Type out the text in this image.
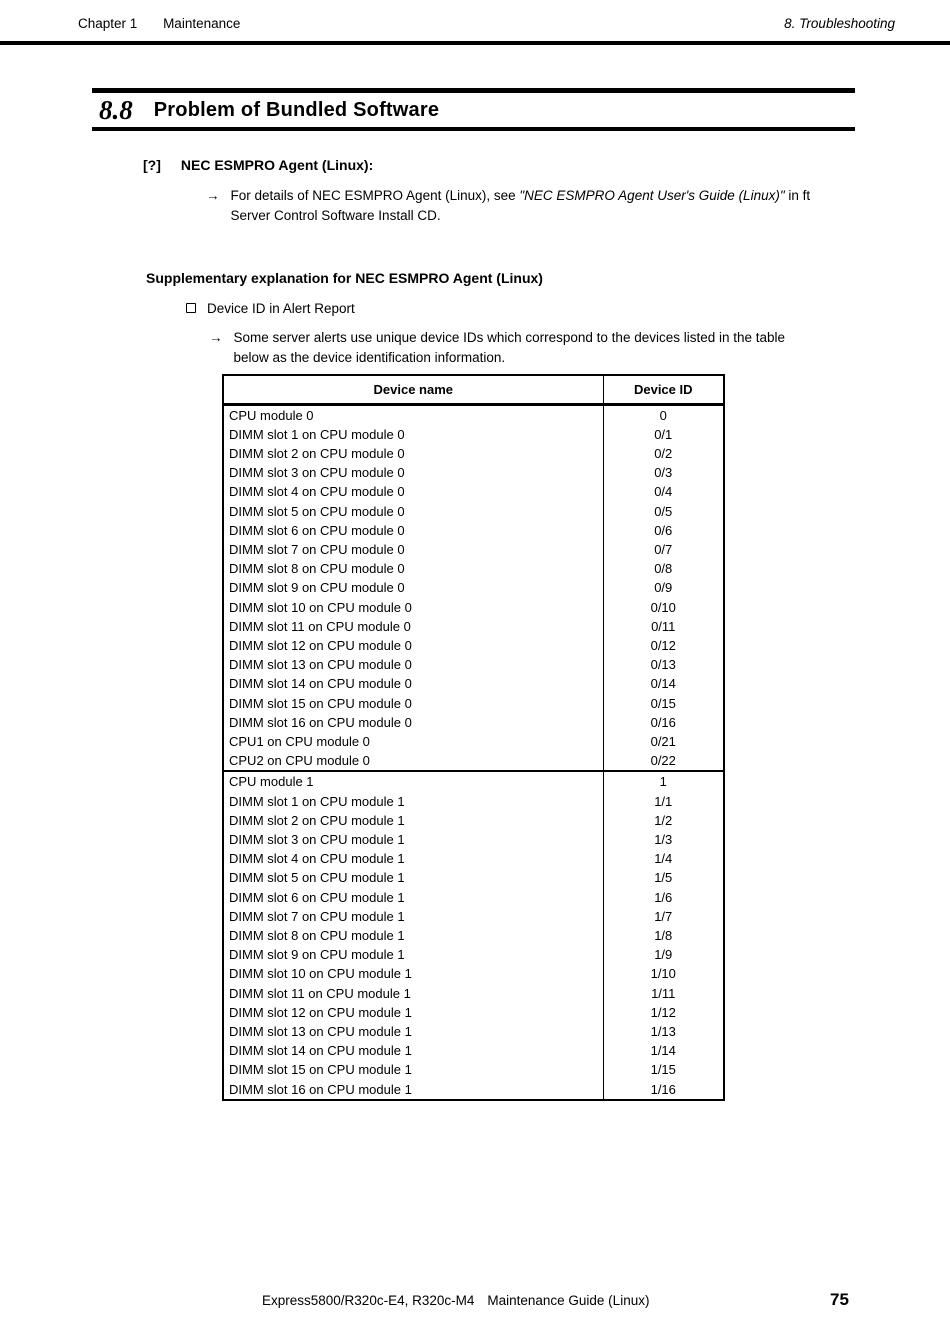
Chapter 1 Maintenance	8. Troubleshooting
8.8 Problem of Bundled Software
[?] NEC ESMPRO Agent (Linux):
→ For details of NEC ESMPRO Agent (Linux), see "NEC ESMPRO Agent User's Guide (Linux)" in ft
Server Control Software Install CD.
Supplementary explanation for NEC ESMPRO Agent (Linux)
Device ID in Alert Report
→ Some server alerts use unique device IDs which correspond to the devices listed in the table
below as the device identification information.
Device name	Device ID
CPU module 0	0
DIMM slot 1 on CPU module 0	0/1
DIMM slot 2 on CPU module 0	0/2
DIMM slot 3 on CPU module 0	0/3
DIMM slot 4 on CPU module 0	0/4
DIMM slot 5 on CPU module 0	0/5
DIMM slot 6 on CPU module 0	0/6
DIMM slot 7 on CPU module 0	0/7
DIMM slot 8 on CPU module 0	0/8
DIMM slot 9 on CPU module 0	0/9
DIMM slot 10 on CPU module 0	0/10
DIMM slot 11 on CPU module 0	0/11
DIMM slot 12 on CPU module 0	0/12
DIMM slot 13 on CPU module 0	0/13
DIMM slot 14 on CPU module 0	0/14
DIMM slot 15 on CPU module 0	0/15
DIMM slot 16 on CPU module 0	0/16
CPU1 on CPU module 0	0/21
CPU2 on CPU module 0	0/22
CPU module 1	1
DIMM slot 1 on CPU module 1	1/1
DIMM slot 2 on CPU module 1	1/2
DIMM slot 3 on CPU module 1	1/3
DIMM slot 4 on CPU module 1	1/4
DIMM slot 5 on CPU module 1	1/5
DIMM slot 6 on CPU module 1	1/6
DIMM slot 7 on CPU module 1	1/7
DIMM slot 8 on CPU module 1	1/8
DIMM slot 9 on CPU module 1	1/9
DIMM slot 10 on CPU module 1	1/10
DIMM slot 11 on CPU module 1	1/11
DIMM slot 12 on CPU module 1	1/12
DIMM slot 13 on CPU module 1	1/13
DIMM slot 14 on CPU module 1	1/14
DIMM slot 15 on CPU module 1	1/15
DIMM slot 16 on CPU module 1	1/16
Express5800/R320c-E4, R320c-M4 Maintenance Guide (Linux)	75
